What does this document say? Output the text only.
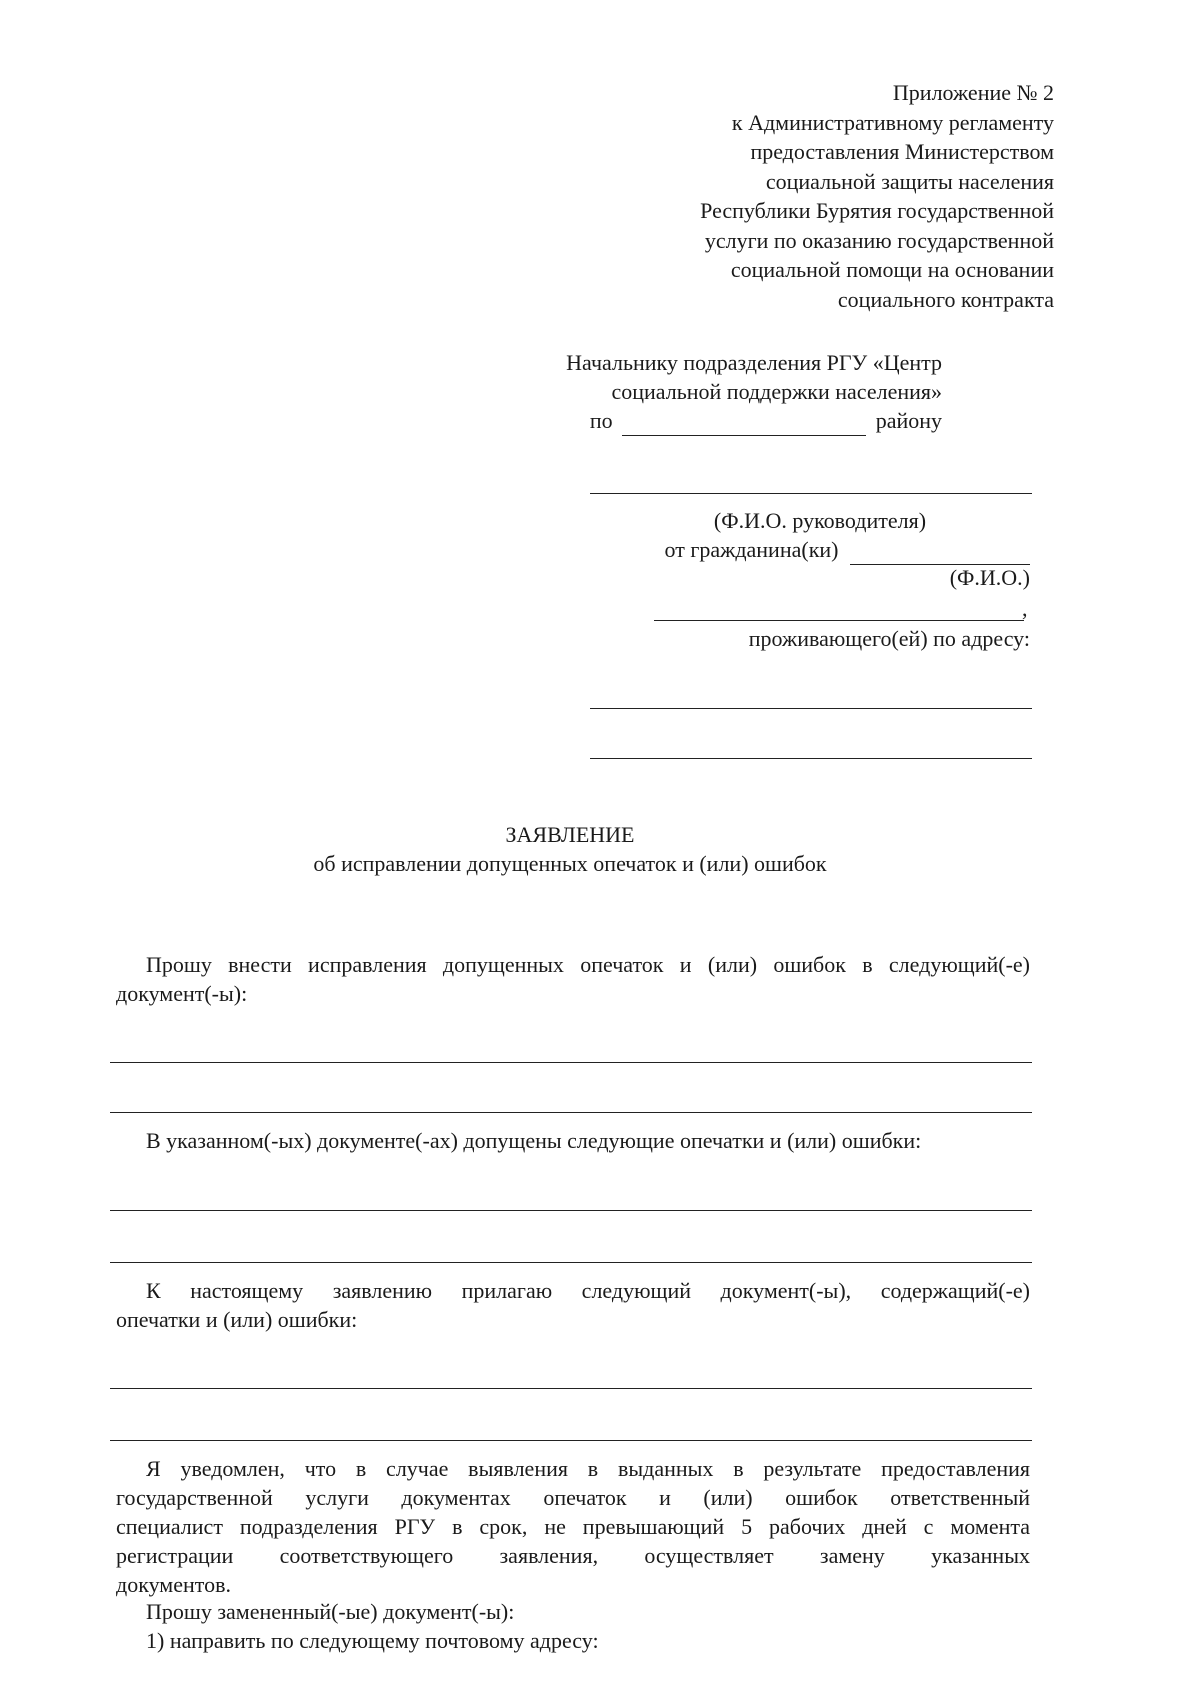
Приложение № 2
к Административному регламенту
предоставления Министерством
социальной защиты населения
Республики Бурятия государственной
услуги по оказанию государственной
социальной помощи на основании
социального контракта
Начальнику подразделения РГУ «Центр
социальной поддержки населения»
по	району
(Ф.И.О. руководителя)
от гражданина(ки)
(Ф.И.О.)
,
проживающего(ей) по адресу:
ЗАЯВЛЕНИЕ
об исправлении допущенных опечаток и (или) ошибок
Прошу внести исправления допущенных опечаток и (или) ошибок в следующий(-е)
документ(-ы):
В указанном(-ых) документе(-ах) допущены следующие опечатки и (или) ошибки:
К настоящему заявлению прилагаю следующий документ(-ы), содержащий(-е)
опечатки и (или) ошибки:
Я уведомлен, что в случае выявления в выданных в результате предоставления
государственной услуги документах опечаток и (или) ошибок ответственный
специалист подразделения РГУ в срок, не превышающий 5 рабочих дней с момента
регистрации соответствующего заявления, осуществляет замену указанных
документов.
Прошу замененный(-ые) документ(-ы):
1) направить по следующему почтовому адресу:
